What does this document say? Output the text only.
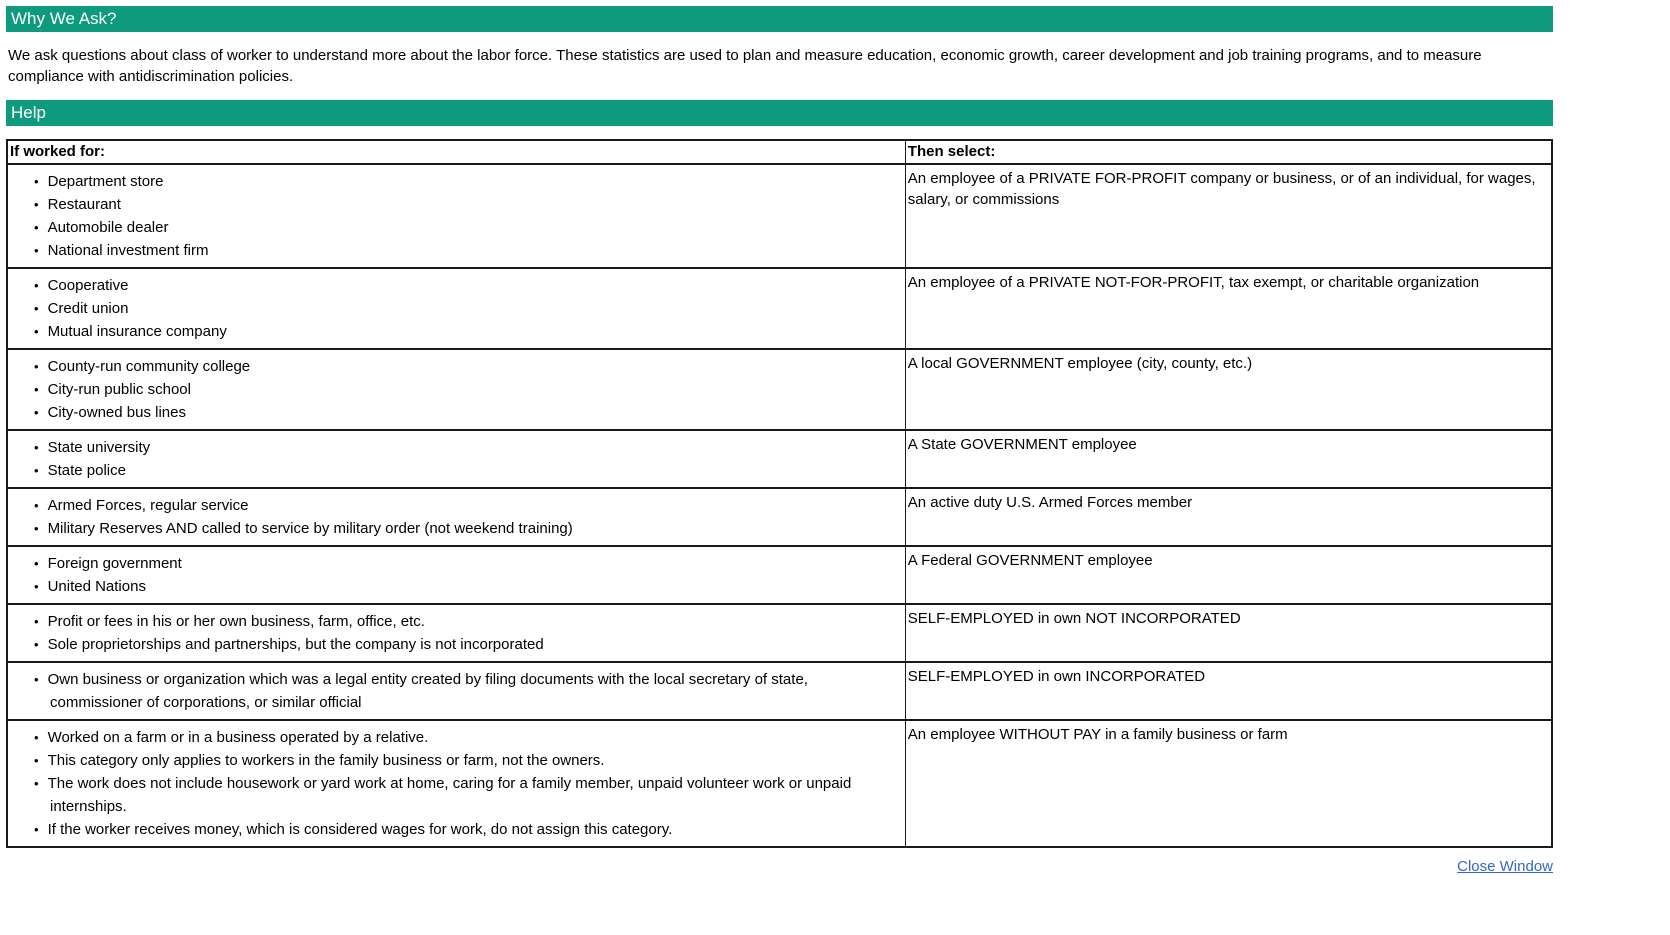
Why We Ask?

We ask questions about class of worker to understand more about the labor force. These statistics are used to plan and measure education, economic growth, career development and job training programs, and to measure compliance with antidiscrimination policies.

Help
If worked for:	Then select:

• Department store
• Restaurant
• Automobile dealer
• National investment firm
	An employee of a PRIVATE FOR-PROFIT company or business, or of an individual, for wages, salary, or commissions

• Cooperative
• Credit union
• Mutual insurance company
	An employee of a PRIVATE NOT-FOR-PROFIT, tax exempt, or charitable organization

• County-run community college
• City-run public school
• City-owned bus lines
	A local GOVERNMENT employee (city, county, etc.)

• State university
• State police
	A State GOVERNMENT employee

• Armed Forces, regular service
• Military Reserves AND called to service by military order (not weekend training)
	An active duty U.S. Armed Forces member

• Foreign government
• United Nations
	A Federal GOVERNMENT employee

• Profit or fees in his or her own business, farm, office, etc.
• Sole proprietorships and partnerships, but the company is not incorporated
	SELF-EMPLOYED in own NOT INCORPORATED

• Own business or organization which was a legal entity created by filing documents with the local secretary of state, commissioner of corporations, or similar official
	SELF-EMPLOYED in own INCORPORATED

• Worked on a farm or in a business operated by a relative.
• This category only applies to workers in the family business or farm, not the owners.
• The work does not include housework or yard work at home, caring for a family member, unpaid volunteer work or unpaid internships.
• If the worker receives money, which is considered wages for work, do not assign this category.
	An employee WITHOUT PAY in a family business or farm
Close Window
